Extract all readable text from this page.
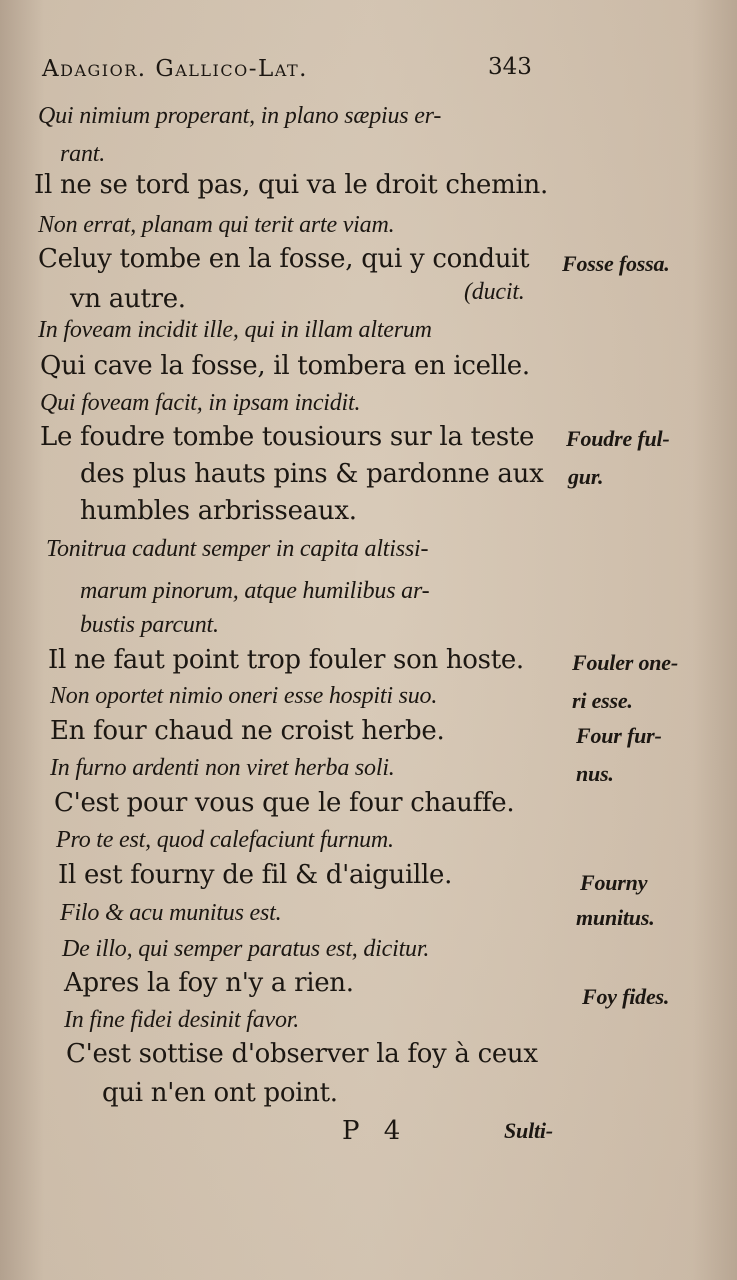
Adagior. Gallico-Lat.	343
Qui nimium properant, in plano sæpius er-
rant.
Il ne se tord pas, qui va le droit chemin.
Non errat, planam qui terit arte viam.
Celuy tombe en la fosse, qui y conduit
vn autre.	(ducit.
In foveam incidit ille, qui in illam alterum
Qui cave la fosse, il tombera en icelle.
Qui foveam facit, in ipsam incidit.
Le foudre tombe tousiours sur la teste
des plus hauts pins & pardonne aux
humbles arbrisseaux.
Tonitrua cadunt semper in capita altissi-
marum pinorum, atque humilibus ar-
bustis parcunt.
Il ne faut point trop fouler son hoste.
Non oportet nimio oneri esse hospiti suo.
En four chaud ne croist herbe.
In furno ardenti non viret herba soli.
C'est pour vous que le four chauffe.
Pro te est, quod calefaciunt furnum.
Il est fourny de fil & d'aiguille.
Filo & acu munitus est.
De illo, qui semper paratus est, dicitur.
Apres la foy n'y a rien.
In fine fidei desinit favor.
C'est sottise d'observer la foy à ceux
qui n'en ont point.
Fosse fossa.
Foudre ful-
gur.
Fouler one-
ri esse.
Four fur-
nus.
Fourny
munitus.
Foy fides.
P 4	Sulti-
